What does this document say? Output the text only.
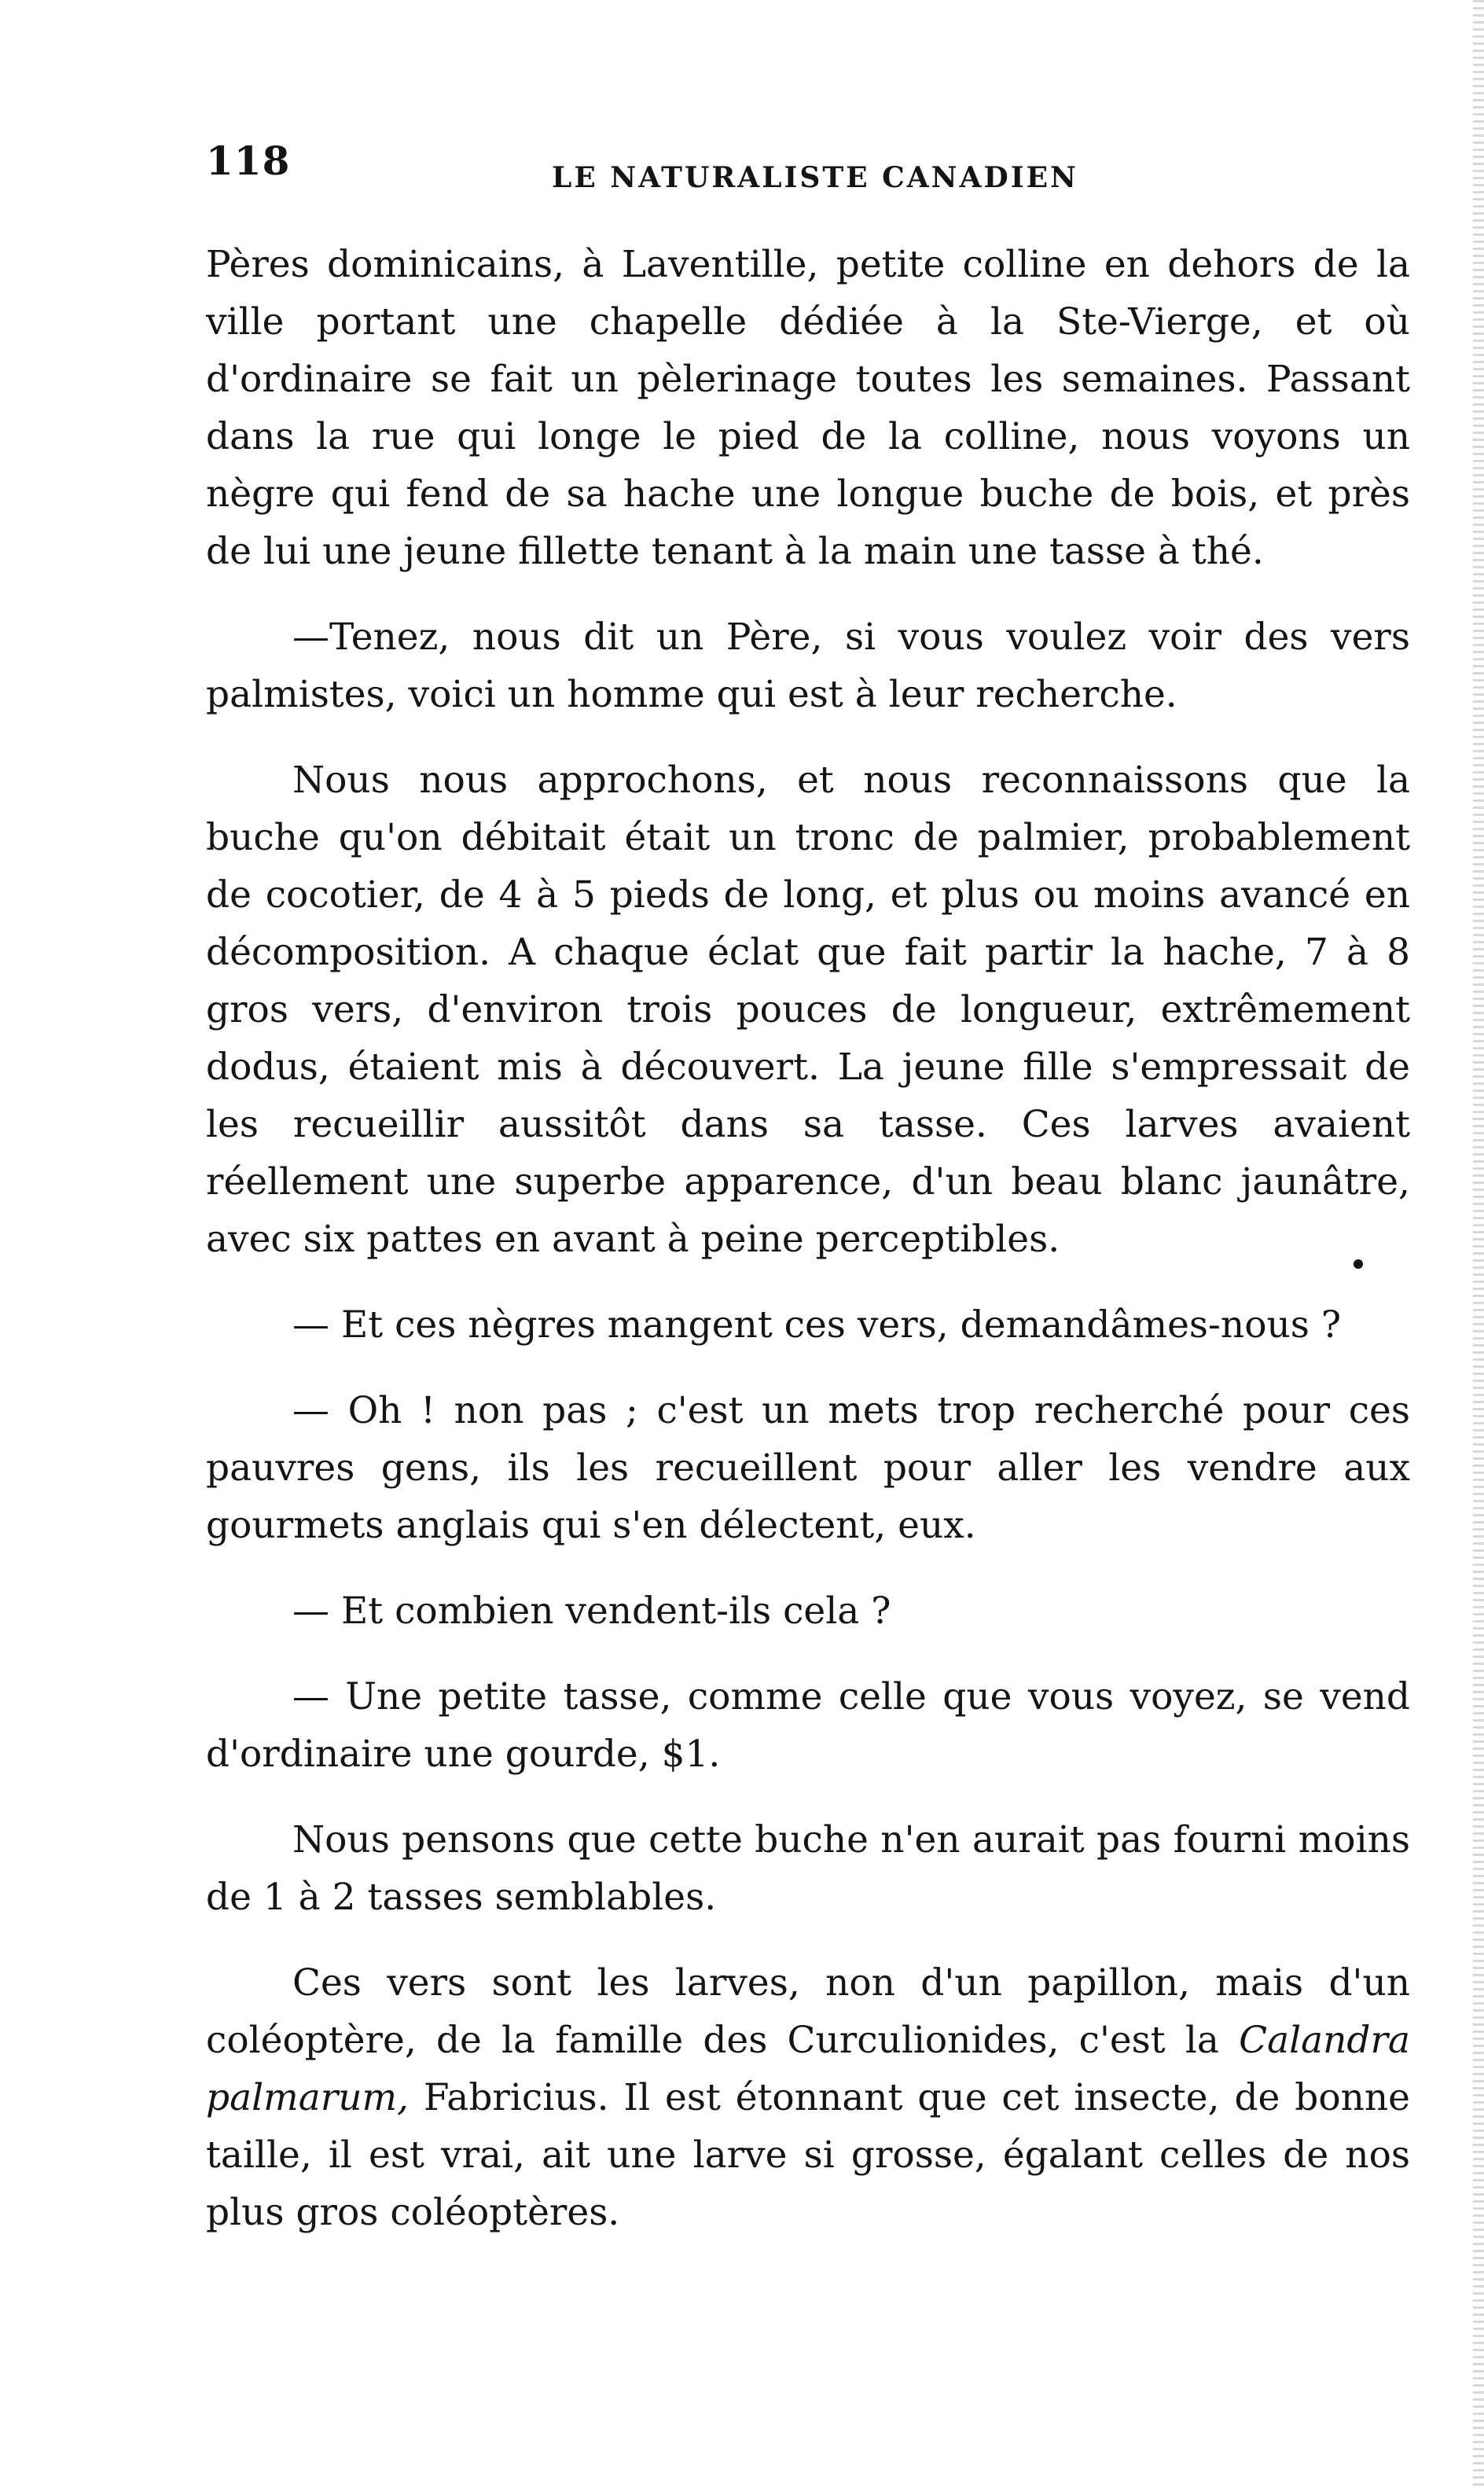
118	LE NATURALISTE CANADIEN

Pères dominicains, à Laventille, petite colline en dehors de la ville portant une chapelle dédiée à la Ste-Vierge, et où d'ordinaire se fait un pèlerinage toutes les semaines. Passant dans la rue qui longe le pied de la colline, nous voyons un nègre qui fend de sa hache une longue buche de bois, et près de lui une jeune fillette tenant à la main une tasse à thé.

—Tenez, nous dit un Père, si vous voulez voir des vers palmistes, voici un homme qui est à leur recherche.

Nous nous approchons, et nous reconnaissons que la buche qu'on débitait était un tronc de palmier, probablement de cocotier, de 4 à 5 pieds de long, et plus ou moins avancé en décomposition. A chaque éclat que fait partir la hache, 7 à 8 gros vers, d'environ trois pouces de longueur, extrêmement dodus, étaient mis à découvert. La jeune fille s'empressait de les recueillir aussitôt dans sa tasse. Ces larves avaient réellement une superbe apparence, d'un beau blanc jaunâtre, avec six pattes en avant à peine perceptibles.

— Et ces nègres mangent ces vers, demandâmes-nous ?

— Oh ! non pas ; c'est un mets trop recherché pour ces pauvres gens, ils les recueillent pour aller les vendre aux gourmets anglais qui s'en délectent, eux.

— Et combien vendent-ils cela ?

— Une petite tasse, comme celle que vous voyez, se vend d'ordinaire une gourde, $1.

Nous pensons que cette buche n'en aurait pas fourni moins de 1 à 2 tasses semblables.

Ces vers sont les larves, non d'un papillon, mais d'un coléoptère, de la famille des Curculionides, c'est la Calandra palmarum, Fabricius. Il est étonnant que cet insecte, de bonne taille, il est vrai, ait une larve si grosse, égalant celles de nos plus gros coléoptères.
